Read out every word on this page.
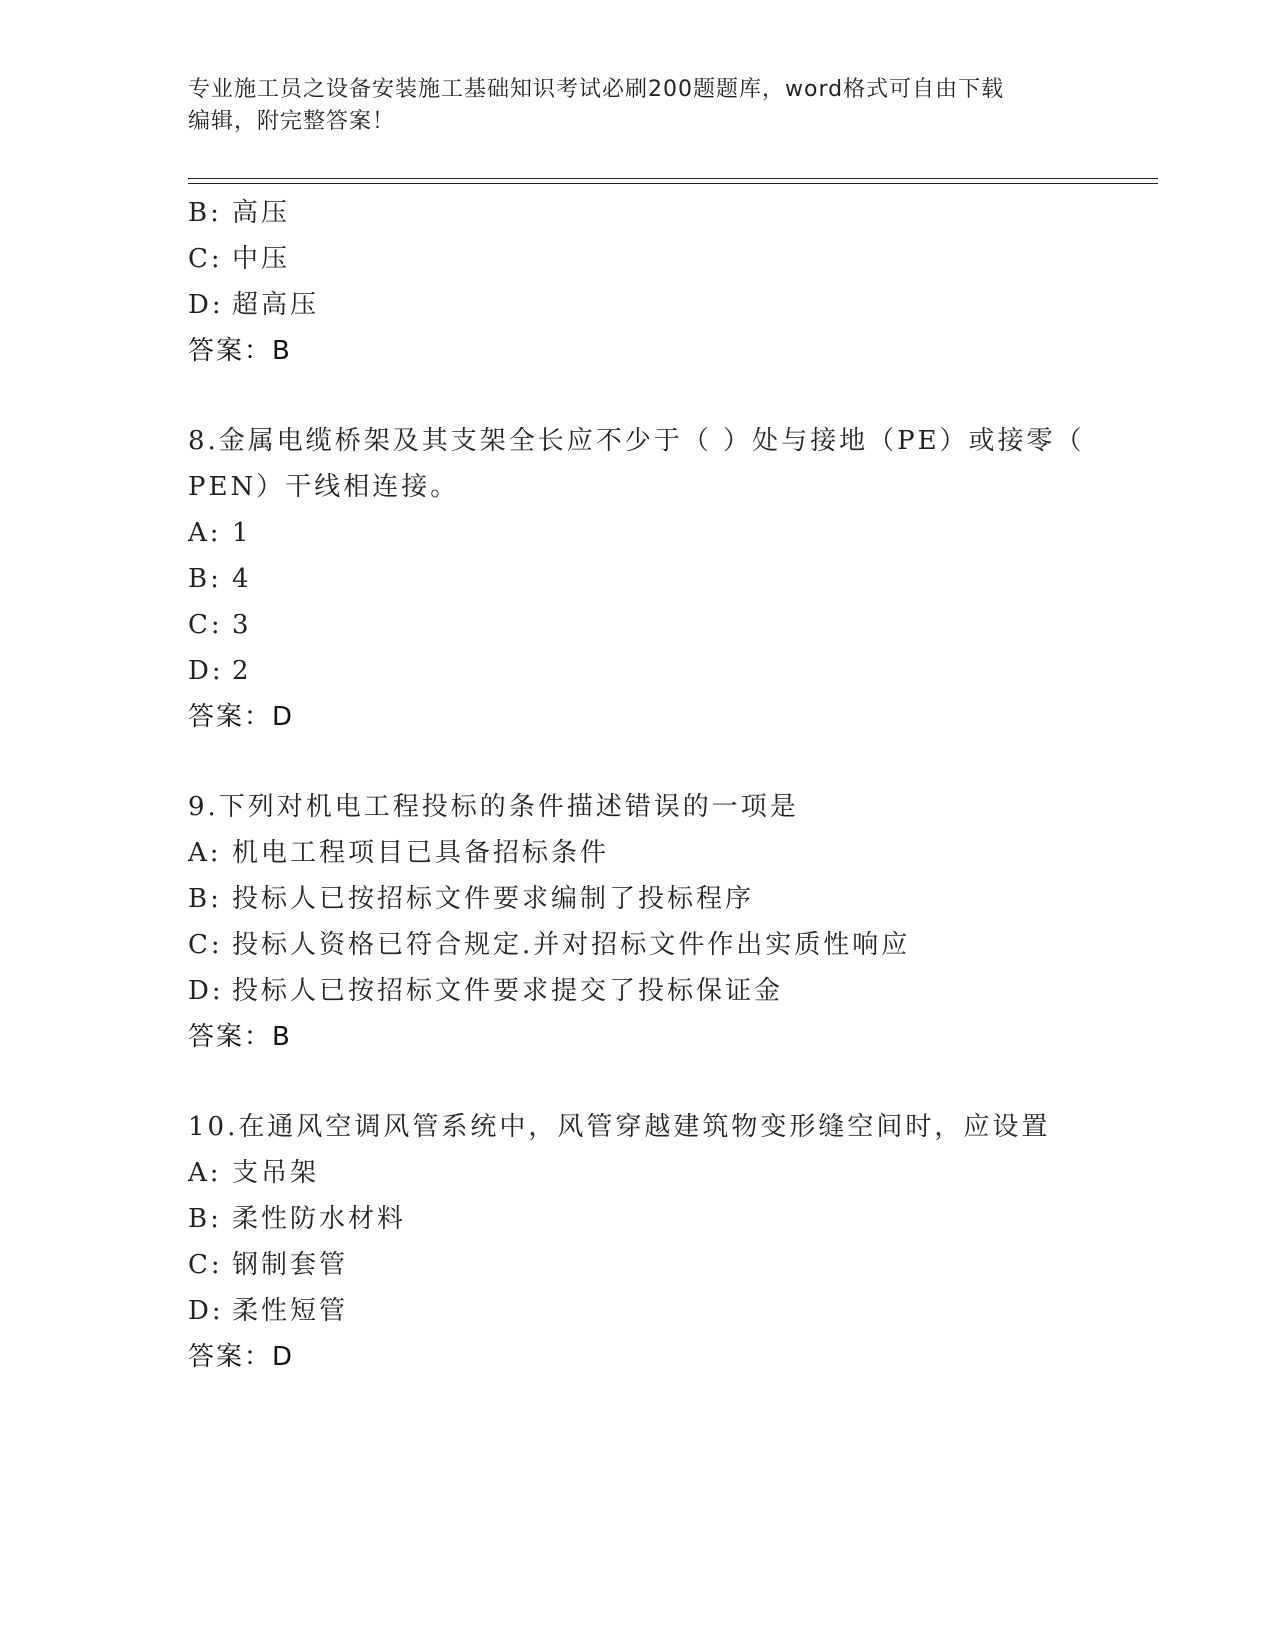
专业施工员之设备安装施工基础知识考试必刷200题题库，word格式可自由下载
编辑，附完整答案！
B: 高压
C: 中压
D: 超高压
答案：B
8.金属电缆桥架及其支架全长应不少于（ ）处与接地（PE）或接零（
PEN）干线相连接。
A: 1
B: 4
C: 3
D: 2
答案：D
9.下列对机电工程投标的条件描述错误的一项是
A: 机电工程项目已具备招标条件
B: 投标人已按招标文件要求编制了投标程序
C: 投标人资格已符合规定.并对招标文件作出实质性响应
D: 投标人已按招标文件要求提交了投标保证金
答案：B
10.在通风空调风管系统中，风管穿越建筑物变形缝空间时，应设置
A: 支吊架
B: 柔性防水材料
C: 钢制套管
D: 柔性短管
答案：D
